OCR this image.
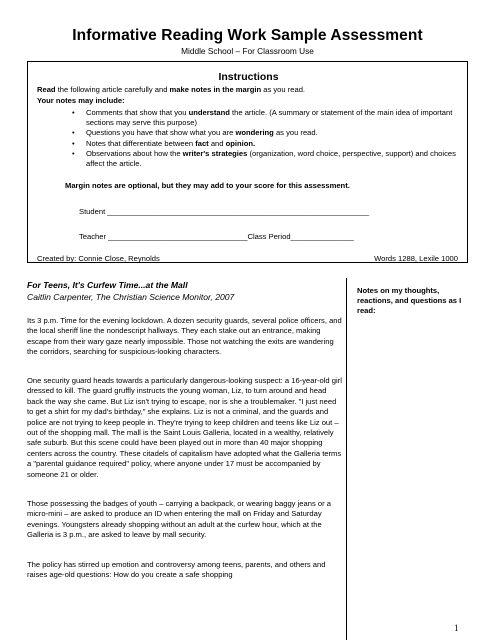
Informative Reading Work Sample Assessment
Middle School – For Classroom Use
Instructions
Read the following article carefully and make notes in the margin as you read.
Your notes may include:
• Comments that show that you understand the article. (A summary or statement of the main idea of important sections may serve this purpose)
• Questions you have that show what you are wondering as you read.
• Notes that differentiate between fact and opinion.
• Observations about how the writer's strategies (organization, word choice, perspective, support) and choices affect the article.
Margin notes are optional, but they may add to your score for this assessment.
Student ______________________________________________________________
Teacher _________________________________Class Period_______________
Created by: Connie Close, Reynolds	Words 1288, Lexile 1000
For Teens, It's Curfew Time...at the Mall
Caitlin Carpenter, The Christian Science Monitor, 2007
Its 3 p.m. Time for the evening lockdown. A dozen security guards, several police officers, and the local sheriff line the nondescript hallways. They each stake out an entrance, making escape from their wary gaze nearly impossible. Those not watching the exits are wandering the corridors, searching for suspicious-looking characters.
One security guard heads towards a particularly dangerous-looking suspect: a 16-year-old girl dressed to kill. The guard gruffly instructs the young woman, Liz, to turn around and head back the way she came. But Liz isn't trying to escape, nor is she a troublemaker. "I just need to get a shirt for my dad's birthday," she explains. Liz is not a criminal, and the guards and police are not trying to keep people in. They're trying to keep children and teens like Liz out – out of the shopping mall. The mall is the Saint Louis Galleria, located in a wealthy, relatively safe suburb. But this scene could have been played out in more than 40 major shopping centers across the country. These citadels of capitalism have adopted what the Galleria terms a "parental guidance required" policy, where anyone under 17 must be accompanied by someone 21 or older.
Those possessing the badges of youth – carrying a backpack, or wearing baggy jeans or a micro-mini – are asked to produce an ID when entering the mall on Friday and Saturday evenings. Youngsters already shopping without an adult at the curfew hour, which at the Galleria is 3 p.m., are asked to leave by mall security.
The policy has stirred up emotion and controversy among teens, parents, and others and raises age-old questions: How do you create a safe shopping
Notes on my thoughts, reactions, and questions as I read:
1
